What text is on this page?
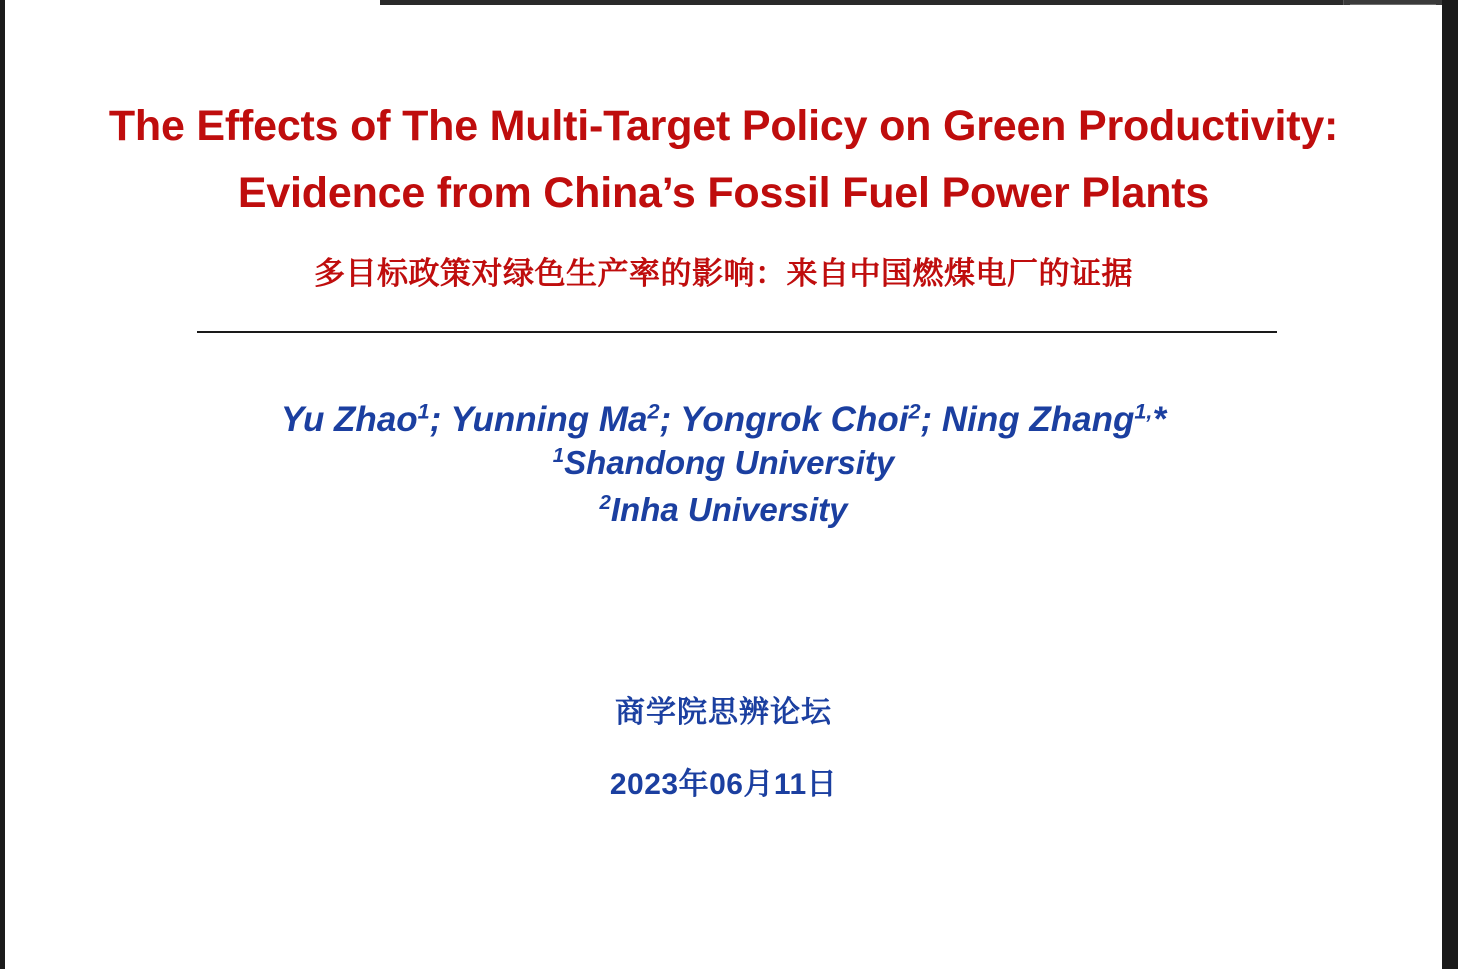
The Effects of The Multi-Target Policy on Green Productivity:
Evidence from China’s Fossil Fuel Power Plants
多目标政策对绿色生产率的影响：来自中国燃煤电厂的证据
Yu Zhao$^1$; Yunning Ma$^2$; Yongrok Choi$^2$; Ning Zhang$^{1,}$*
$^1$Shandong University
$^2$Inha University
商学院思辨论坛
2023年06月11日
